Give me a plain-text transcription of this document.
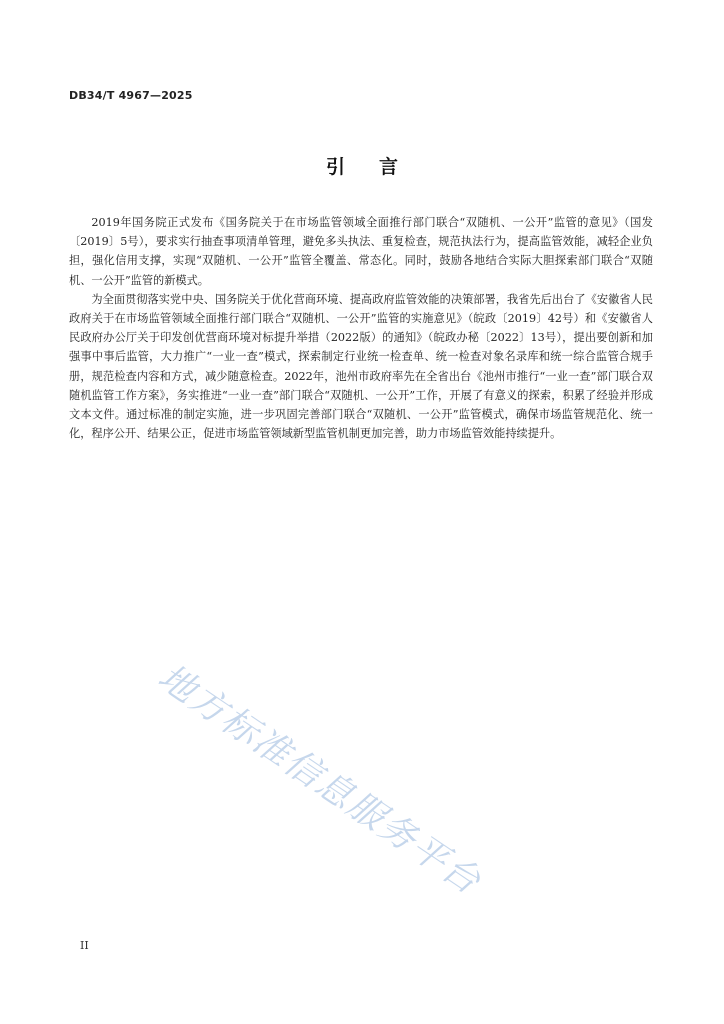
DB34/T 4967—2025
引言

2019年国务院正式发布《国务院关于在市场监管领域全面推行部门联合“双随机、一公开”监管的意见》（国发〔2019〕5号），要求实行抽查事项清单管理，避免多头执法、重复检查，规范执法行为，提高监管效能，减轻企业负担，强化信用支撑，实现“双随机、一公开”监管全覆盖、常态化。同时，鼓励各地结合实际大胆探索部门联合“双随机、一公开”监管的新模式。

为全面贯彻落实党中央、国务院关于优化营商环境、提高政府监管效能的决策部署，我省先后出台了《安徽省人民政府关于在市场监管领域全面推行部门联合“双随机、一公开”监管的实施意见》（皖政〔2019〕42号）和《安徽省人民政府办公厅关于印发创优营商环境对标提升举措（2022版）的通知》（皖政办秘〔2022〕13号），提出要创新和加强事中事后监管，大力推广“一业一查”模式，探索制定行业统一检查单、统一检查对象名录库和统一综合监管合规手册，规范检查内容和方式，减少随意检查。2022年，池州市政府率先在全省出台《池州市推行“一业一查”部门联合双随机监管工作方案》，务实推进“一业一查”部门联合“双随机、一公开”工作，开展了有意义的探索，积累了经验并形成文本文件。通过标准的制定实施，进一步巩固完善部门联合“双随机、一公开”监管模式，确保市场监管规范化、统一化，程序公开、结果公正，促进市场监管领域新型监管机制更加完善，助力市场监管效能持续提升。

地方标准信息服务平台
II
